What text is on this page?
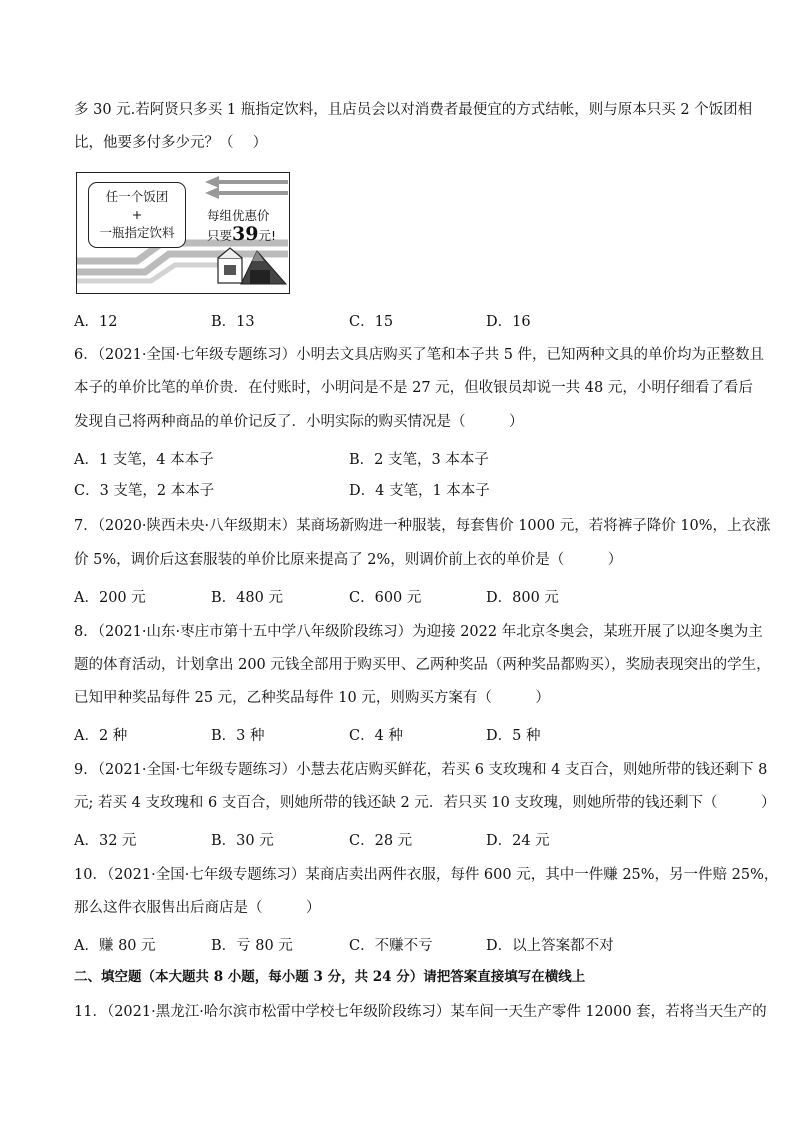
多 30 元.若阿贤只多买 1 瓶指定饮料，且店员会以对消费者最便宜的方式结帐，则与原本只买 2 个饭团相
比，他要多付多少元？（　 ）
任一个饭团
+
一瓶指定饮料
每组优惠价
只要39元!
A．12	B．13	C．15	D．16
6．（2021·全国·七年级专题练习）小明去文具店购买了笔和本子共 5 件，已知两种文具的单价均为正整数且
本子的单价比笔的单价贵．在付账时，小明问是不是 27 元，但收银员却说一共 48 元，小明仔细看了看后
发现自己将两种商品的单价记反了．小明实际的购买情况是（　　　）
A．1 支笔，4 本本子	B．2 支笔，3 本本子
C．3 支笔，2 本本子	D．4 支笔，1 本本子
7．（2020·陕西未央·八年级期末）某商场新购进一种服装，每套售价 1000 元，若将裤子降价 10%，上衣涨
价 5%，调价后这套服装的单价比原来提高了 2%，则调价前上衣的单价是（　　　）
A．200 元	B．480 元	C．600 元	D．800 元
8．（2021·山东·枣庄市第十五中学八年级阶段练习）为迎接 2022 年北京冬奥会，某班开展了以迎冬奥为主
题的体育活动，计划拿出 200 元钱全部用于购买甲、乙两种奖品（两种奖品都购买），奖励表现突出的学生，
已知甲种奖品每件 25 元，乙种奖品每件 10 元，则购买方案有（　　　）
A．2 种	B．3 种	C．4 种	D．5 种
9．（2021·全国·七年级专题练习）小慧去花店购买鲜花，若买 6 支玫瑰和 4 支百合，则她所带的钱还剩下 8
元; 若买 4 支玫瑰和 6 支百合，则她所带的钱还缺 2 元．若只买 10 支玫瑰，则她所带的钱还剩下（　　　）
A．32 元	B．30 元	C．28 元	D．24 元
10．（2021·全国·七年级专题练习）某商店卖出两件衣服，每件 600 元，其中一件赚 25%，另一件赔 25%，
那么这件衣服售出后商店是（　　　）
A．赚 80 元	B．亏 80 元	C．不赚不亏	D．以上答案都不对
二、填空题（本大题共 8 小题，每小题 3 分，共 24 分）请把答案直接填写在横线上
11．（2021·黑龙江·哈尔滨市松雷中学校七年级阶段练习）某车间一天生产零件 12000 套，若将当天生产的
